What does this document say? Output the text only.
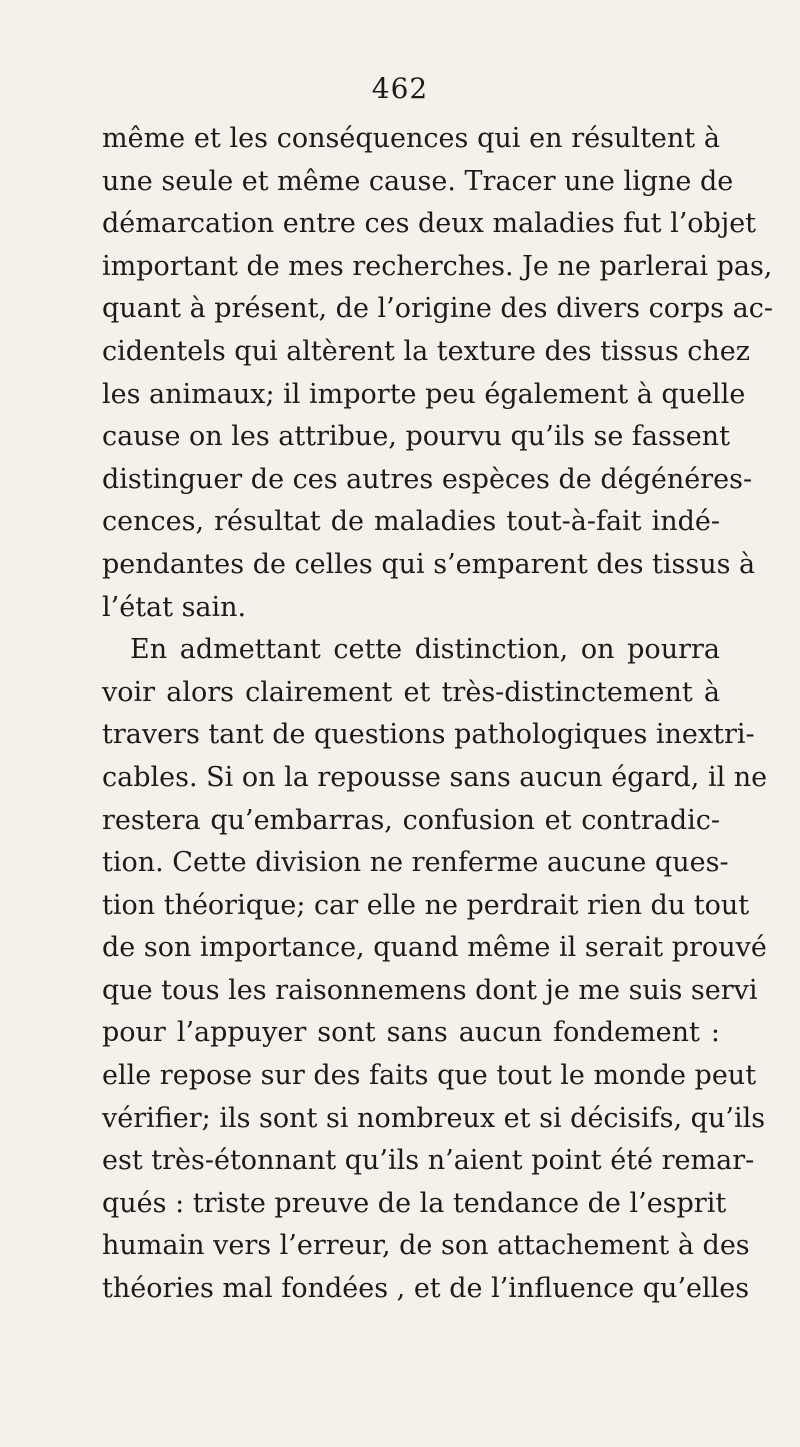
462
même et les conséquences qui en résultent à
une seule et même cause. Tracer une ligne de
démarcation entre ces deux maladies fut l’objet
important de mes recherches. Je ne parlerai pas,
quant à présent, de l’origine des divers corps ac-
cidentels qui altèrent la texture des tissus chez
les animaux; il importe peu également à quelle
cause on les attribue, pourvu qu’ils se fassent
distinguer de ces autres espèces de dégénéres-
cences, résultat de maladies tout-à-fait indé-
pendantes de celles qui s’emparent des tissus à
l’état sain.
En admettant cette distinction, on pourra
voir alors clairement et très-distinctement à
travers tant de questions pathologiques inextri-
cables. Si on la repousse sans aucun égard, il ne
restera qu’embarras, confusion et contradic-
tion. Cette division ne renferme aucune ques-
tion théorique; car elle ne perdrait rien du tout
de son importance, quand même il serait prouvé
que tous les raisonnemens dont je me suis servi
pour l’appuyer sont sans aucun fondement :
elle repose sur des faits que tout le monde peut
vérifier; ils sont si nombreux et si décisifs, qu’ils
est très-étonnant qu’ils n’aient point été remar-
qués : triste preuve de la tendance de l’esprit
humain vers l’erreur, de son attachement à des
théories mal fondées , et de l’influence qu’elles
